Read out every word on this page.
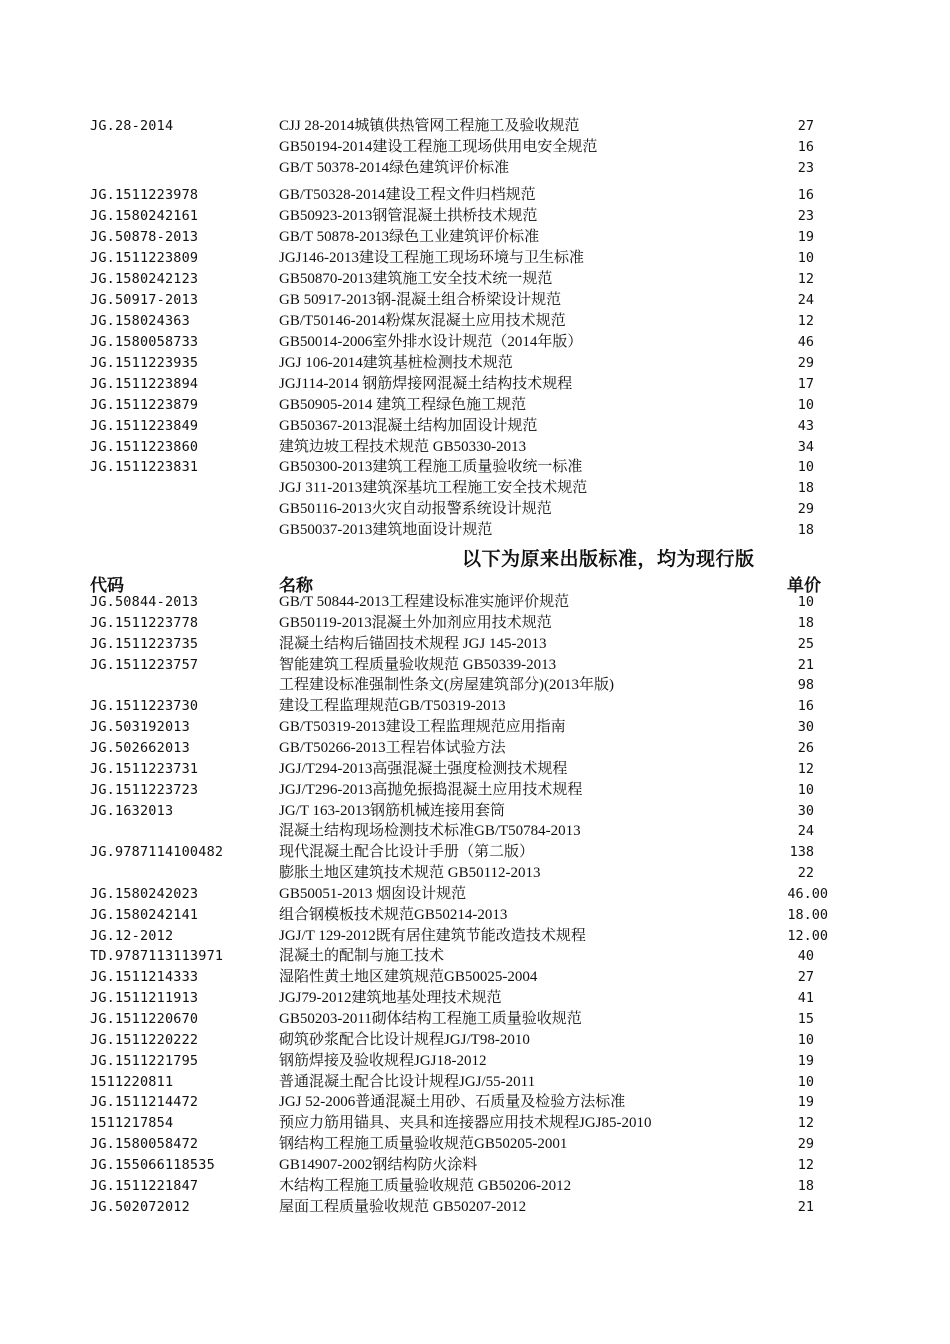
JG.28-2014	CJJ 28-2014城镇供热管网工程施工及验收规范	27
GB50194-2014建设工程施工现场供用电安全规范	16
GB/T 50378-2014绿色建筑评价标准	23
JG.1511223978	GB/T50328-2014建设工程文件归档规范	16
JG.1580242161	GB50923-2013钢管混凝土拱桥技术规范	23
JG.50878-2013	GB/T 50878-2013绿色工业建筑评价标准	19
JG.1511223809	JGJ146-2013建设工程施工现场环境与卫生标准	10
JG.1580242123	GB50870-2013建筑施工安全技术统一规范	12
JG.50917-2013	GB 50917-2013钢-混凝土组合桥梁设计规范	24
JG.158024363	GB/T50146-2014粉煤灰混凝土应用技术规范	12
JG.1580058733	GB50014-2006室外排水设计规范（2014年版）	46
JG.1511223935	JGJ 106-2014建筑基桩检测技术规范	29
JG.1511223894	JGJ114-2014 钢筋焊接网混凝土结构技术规程	17
JG.1511223879	GB50905-2014 建筑工程绿色施工规范	10
JG.1511223849	GB50367-2013混凝土结构加固设计规范	43
JG.1511223860	建筑边坡工程技术规范 GB50330-2013	34
JG.1511223831	GB50300-2013建筑工程施工质量验收统一标准	10
JGJ 311-2013建筑深基坑工程施工安全技术规范	18
GB50116-2013火灾自动报警系统设计规范	29
GB50037-2013建筑地面设计规范	18
以下为原来出版标准，均为现行版
代码	名称	单价
JG.50844-2013	GB/T 50844-2013工程建设标准实施评价规范	10
JG.1511223778	GB50119-2013混凝土外加剂应用技术规范	18
JG.1511223735	混凝土结构后锚固技术规程 JGJ 145-2013	25
JG.1511223757	智能建筑工程质量验收规范 GB50339-2013	21
工程建设标准强制性条文(房屋建筑部分)(2013年版)	98
JG.1511223730	建设工程监理规范GB/T50319-2013	16
JG.503192013	GB/T50319-2013建设工程监理规范应用指南	30
JG.502662013	GB/T50266-2013工程岩体试验方法	26
JG.1511223731	JGJ/T294-2013高强混凝土强度检测技术规程	12
JG.1511223723	JGJ/T296-2013高抛免振捣混凝土应用技术规程	10
JG.1632013	JG/T 163-2013钢筋机械连接用套筒	30
混凝土结构现场检测技术标准GB/T50784-2013	24
JG.9787114100482	现代混凝土配合比设计手册（第二版）	138
膨胀土地区建筑技术规范 GB50112-2013	22
JG.1580242023	GB50051-2013 烟囱设计规范	46.00
JG.1580242141	组合钢模板技术规范GB50214-2013	18.00
JG.12-2012	JGJ/T 129-2012既有居住建筑节能改造技术规程	12.00
TD.9787113113971	混凝土的配制与施工技术	40
JG.1511214333	湿陷性黄土地区建筑规范GB50025-2004	27
JG.1511211913	JGJ79-2012建筑地基处理技术规范	41
JG.1511220670	GB50203-2011砌体结构工程施工质量验收规范	15
JG.1511220222	砌筑砂浆配合比设计规程JGJ/T98-2010	10
JG.1511221795	钢筋焊接及验收规程JGJ18-2012	19
1511220811	普通混凝土配合比设计规程JGJ/55-2011	10
JG.1511214472	JGJ 52-2006普通混凝土用砂、石质量及检验方法标准	19
1511217854	预应力筋用锚具、夹具和连接器应用技术规程JGJ85-2010	12
JG.1580058472	钢结构工程施工质量验收规范GB50205-2001	29
JG.155066118535	GB14907-2002钢结构防火涂料	12
JG.1511221847	木结构工程施工质量验收规范 GB50206-2012	18
JG.502072012	屋面工程质量验收规范 GB50207-2012	21
